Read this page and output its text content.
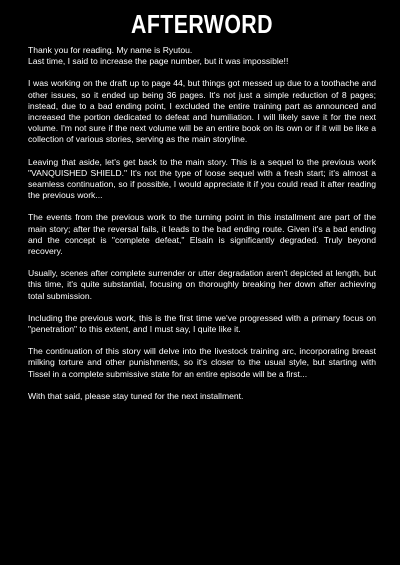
AFTERWORD

Thank you for reading. My name is Ryutou.
Last time, I said to increase the page number, but it was impossible!!

I was working on the draft up to page 44, but things got messed up due to a toothache and other issues, so it ended up being 36 pages. It's not just a simple reduction of 8 pages; instead, due to a bad ending point, I excluded the entire training part as announced and increased the portion dedicated to defeat and humiliation. I will likely save it for the next volume. I'm not sure if the next volume will be an entire book on its own or if it will be like a collection of various stories, serving as the main storyline.

Leaving that aside, let's get back to the main story. This is a sequel to the previous work "VANQUISHED SHIELD." It's not the type of loose sequel with a fresh start; it's almost a seamless continuation, so if possible, I would appreciate it if you could read it after reading the previous work...

The events from the previous work to the turning point in this installment are part of the main story; after the reversal fails, it leads to the bad ending route. Given it's a bad ending and the concept is "complete defeat," Elsain is significantly degraded. Truly beyond recovery.

Usually, scenes after complete surrender or utter degradation aren't depicted at length, but this time, it's quite substantial, focusing on thoroughly breaking her down after achieving total submission.

Including the previous work, this is the first time we've progressed with a primary focus on "penetration" to this extent, and I must say, I quite like it.

The continuation of this story will delve into the livestock training arc, incorporating breast milking torture and other punishments, so it's closer to the usual style, but starting with Tissel in a complete submissive state for an entire episode will be a first...

With that said, please stay tuned for the next installment.
